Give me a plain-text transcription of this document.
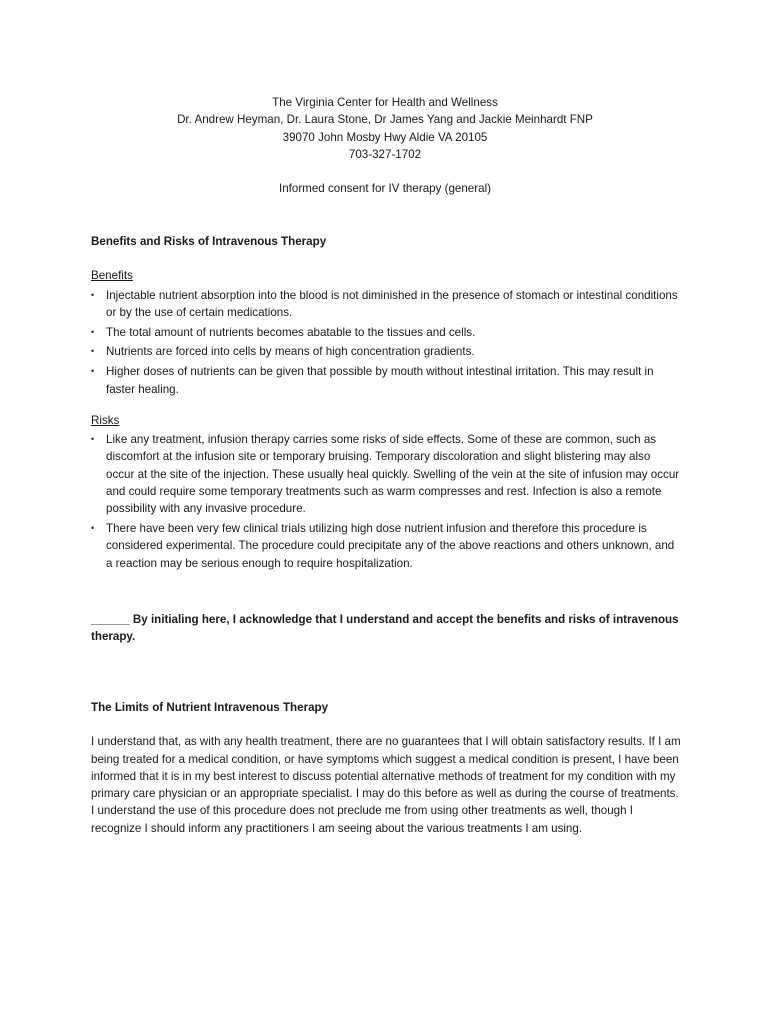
The Virginia Center for Health and Wellness
Dr. Andrew Heyman, Dr. Laura Stone, Dr James Yang and Jackie Meinhardt FNP
39070 John Mosby Hwy Aldie VA 20105
703-327-1702
Informed consent for IV therapy (general)
Benefits and Risks of Intravenous Therapy
Benefits
• Injectable nutrient absorption into the blood is not diminished in the presence of stomach or intestinal conditions or by the use of certain medications.
• The total amount of nutrients becomes abatable to the tissues and cells.
• Nutrients are forced into cells by means of high concentration gradients.
• Higher doses of nutrients can be given that possible by mouth without intestinal irritation. This may result in faster healing.
Risks
• Like any treatment, infusion therapy carries some risks of side effects. Some of these are common, such as discomfort at the infusion site or temporary bruising. Temporary discoloration and slight blistering may also occur at the site of the injection. These usually heal quickly. Swelling of the vein at the site of infusion may occur and could require some temporary treatments such as warm compresses and rest. Infection is also a remote possibility with any invasive procedure.
• There have been very few clinical trials utilizing high dose nutrient infusion and therefore this procedure is considered experimental. The procedure could precipitate any of the above reactions and others unknown, and a reaction may be serious enough to require hospitalization.
______ By initialing here, I acknowledge that I understand and accept the benefits and risks of intravenous therapy.
The Limits of Nutrient Intravenous Therapy

I understand that, as with any health treatment, there are no guarantees that I will obtain satisfactory results. If I am being treated for a medical condition, or have symptoms which suggest a medical condition is present, I have been informed that it is in my best interest to discuss potential alternative methods of treatment for my condition with my primary care physician or an appropriate specialist. I may do this before as well as during the course of treatments. I understand the use of this procedure does not preclude me from using other treatments as well, though I recognize I should inform any practitioners I am seeing about the various treatments I am using.
